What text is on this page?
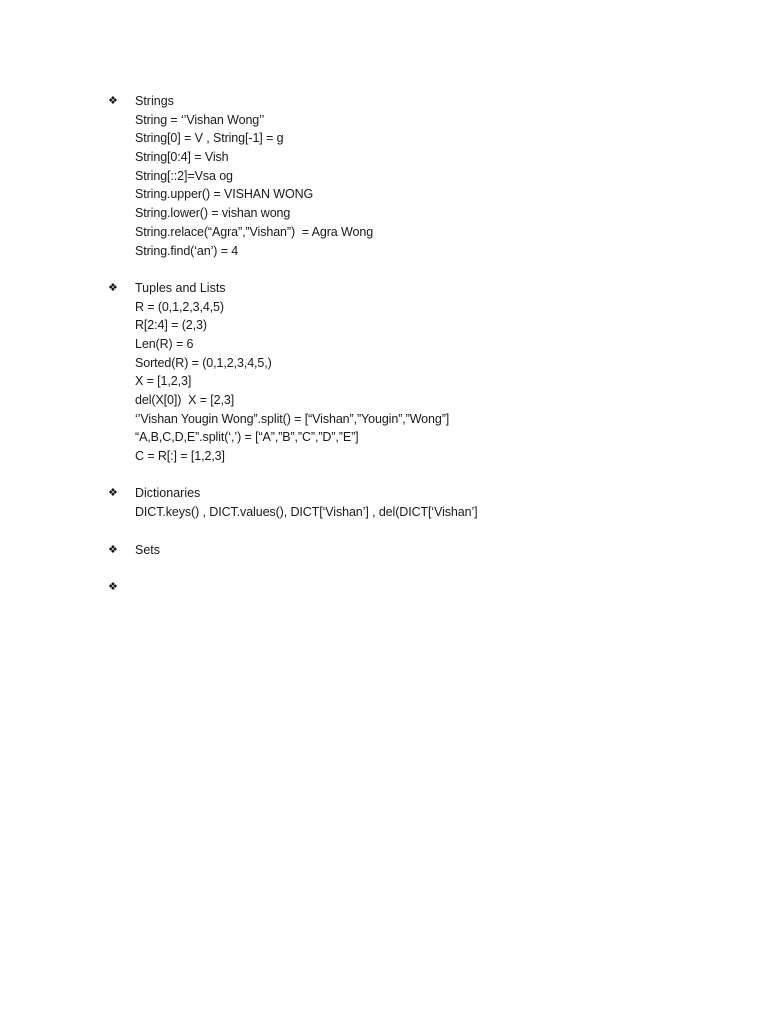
❖	Strings
String = ‘’Vishan Wong’’
String[0] = V , String[-1] = g
String[0:4] = Vish
String[::2]=Vsa og
String.upper() = VISHAN WONG
String.lower() = vishan wong
String.relace(“Agra”,”Vishan”)  = Agra Wong
String.find(‘an’) = 4
❖	Tuples and Lists
R = (0,1,2,3,4,5)
R[2:4] = (2,3)
Len(R) = 6
Sorted(R) = (0,1,2,3,4,5,)
X = [1,2,3]
del(X[0])  X = [2,3]
‘’Vishan Yougin Wong”.split() = [“Vishan”,”Yougin”,”Wong”]
“A,B,C,D,E”.split(‘,’) = [“A”,”B”,”C”,”D”,”E”]
C = R[:] = [1,2,3]
❖	Dictionaries
DICT.keys() , DICT.values(), DICT[‘Vishan’] , del(DICT[‘Vishan’]
❖	Sets
❖
